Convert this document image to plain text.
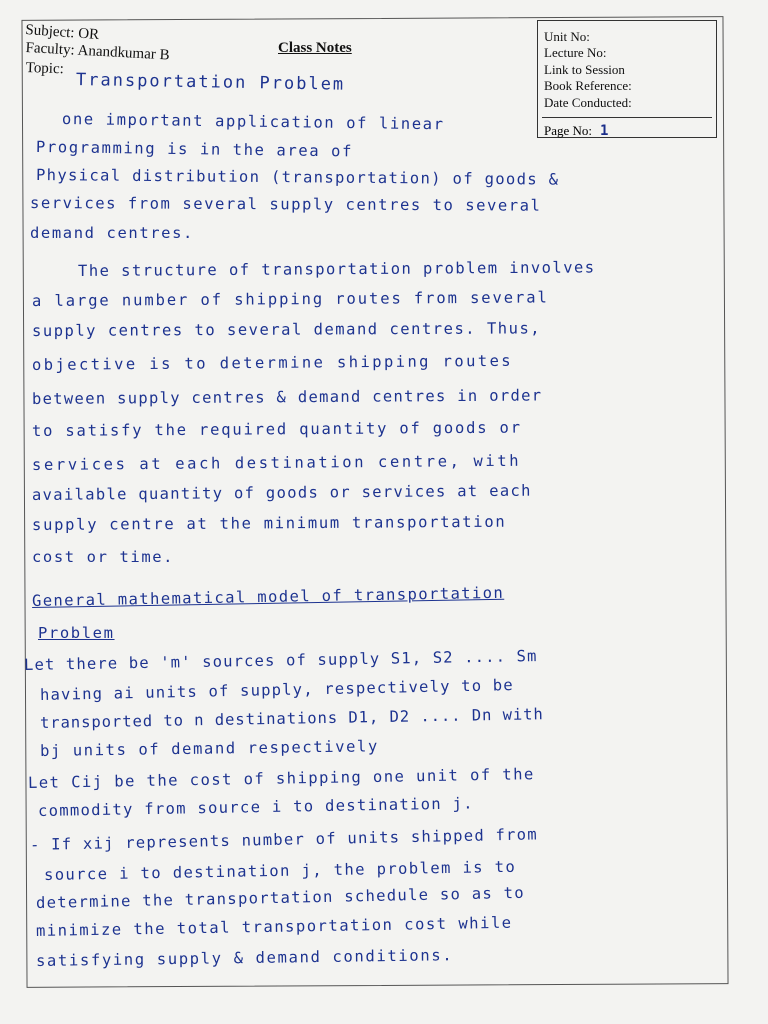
Subject: OR
Faculty: Anandkumar B
Topic:
Transportation Problem
Class Notes
Unit No:
Lecture No:
Link to Session
Book Reference:
Date Conducted:
Page No: 1
one important application of linear
Programming is in the area of
Physical distribution (transportation) of goods &
services from several supply centres to several
demand centres.
The structure of transportation problem involves
a large number of shipping routes from several
supply centres to several demand centres. Thus,
objective is to determine shipping routes
between supply centres & demand centres in order
to satisfy the required quantity of goods or
services at each destination centre, with
available quantity of goods or services at each
supply centre at the minimum transportation
cost or time.
General mathematical model of transportation
Problem
Let there be 'm' sources of supply S1, S2 .... Sm
having ai units of supply, respectively to be
transported to n destinations D1, D2 .... Dn with
bj units of demand respectively
Let Cij be the cost of shipping one unit of the
commodity from source i to destination j.
- If xij represents number of units shipped from
source i to destination j, the problem is to
determine the transportation schedule so as to
minimize the total transportation cost while
satisfying supply & demand conditions.
